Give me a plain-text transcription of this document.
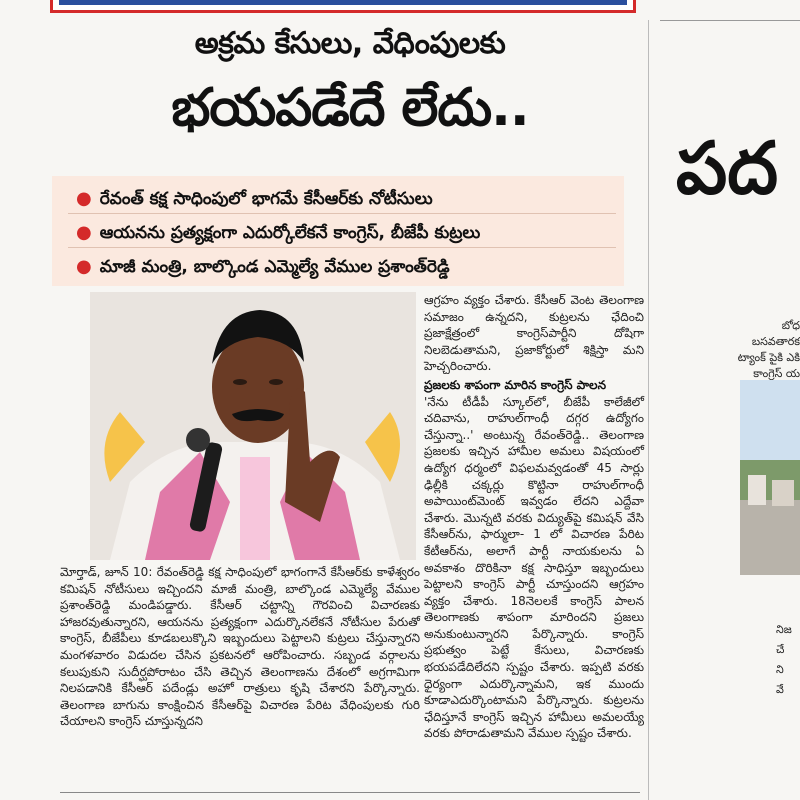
అక్రమ కేసులు, వేధింపులకు
భయపడేదే లేదు..
● రేవంత్ కక్ష సాధింపులో భాగమే కేసీఆర్‌కు నోటీసులు
● ఆయనను ప్రత్యక్షంగా ఎదుర్కోలేకనే కాంగ్రెస్, బీజేపీ కుట్రలు
● మాజీ మంత్రి, బాల్కొండ ఎమ్మెల్యే వేముల ప్రశాంత్‌రెడ్డి

ఆగ్రహం వ్యక్తం చేశారు. కేసీఆర్ వెంట తెలంగాణ సమాజం ఉన్నదని, కుట్రలను ఛేదించి ప్రజాక్షేత్రంలో కాంగ్రెస్‌పార్టీని దోషిగా నిలబెడుతామని, ప్రజాకోర్టులో శిక్షిస్తా మని హెచ్చరించారు.

ప్రజలకు శాపంగా మారిన కాంగ్రెస్ పాలన

'నేను టీడీపీ స్కూల్‌లో, బీజేపీ కాలేజీలో చదివాను, రాహుల్‌గాంధీ దగ్గర ఉద్యోగం చేస్తున్నా..' అంటున్న రేవంత్‌రెడ్డి.. తెలంగాణ ప్రజలకు ఇచ్చిన హామీల అమలు విషయంలో ఉద్యోగ ధర్మంలో విఫలమవ్వడంతో 45 సార్లు ఢిల్లీకి చక్కర్లు కొట్టినా రాహుల్‌గాంధీ అపాయింట్‌మెంట్ ఇవ్వడం లేదని ఎద్దేవా చేశారు. మొన్నటి వరకు విద్యుత్‌పై కమిషన్ వేసి కేసీఆర్‌ను, ఫార్ములా- 1 లో విచారణ పేరిట కేటీఆర్‌ను, అలాగే పార్టీ నాయకులను ఏ అవకాశం దొరికినా కక్ష సాధిస్తూ ఇబ్బందులు పెట్టాలని కాంగ్రెస్ పార్టీ చూస్తుందని ఆగ్రహం వ్యక్తం చేశారు. 18నెలలకే కాంగ్రెస్ పాలన తెలంగాణకు శాపంగా మారిందని ప్రజలు అనుకుంటున్నారని పేర్కొన్నారు. కాంగ్రెస్ ప్రభుత్వం పెట్టే కేసులు, విచారణకు భయపడేదిలేదని స్పష్టం చేశారు. ఇప్పటి వరకు ధైర్యంగా ఎదుర్కొన్నామని, ఇక ముందు కూడాఎదుర్కొంటామని పేర్కొన్నారు. కుట్రలను ఛేదిస్తూనే కాంగ్రెస్ ఇచ్చిన హామీలు అమలయ్యే వరకు పోరాడుతామని వేముల స్పష్టం చేశారు.

మోర్తాడ్, జూన్ 10: రేవంత్‌రెడ్డి కక్ష సాధింపులో భాగంగానే కేసీఆర్‌కు కాళేశ్వరం కమిషన్ నోటీసులు ఇచ్చిందని మాజీ మంత్రి, బాల్కొండ ఎమ్మెల్యే వేముల ప్రశాంత్‌రెడ్డి మండిపడ్డారు. కేసీఆర్ చట్టాన్ని గౌరవించి విచారణకు హాజరవుతున్నారని, ఆయనను ప్రత్యక్షంగా ఎదుర్కొనలేకనే నోటీసుల పేరుతో కాంగ్రెస్, బీజేపీలు కూడబలుక్కొని ఇబ్బందులు పెట్టాలని కుట్రలు చేస్తున్నారని మంగళవారం విడుదల చేసిన ప్రకటనలో ఆరోపించారు. సబ్బండ వర్గాలను కలుపుకుని సుదీర్ఘపోరాటం చేసి తెచ్చిన తెలంగాణను దేశంలో అగ్రగామిగా నిలపడానికి కేసీఆర్ పదేండ్లు అహో రాత్రులు కృషి చేశారని పేర్కొన్నారు. తెలంగాణ బాగును కాంక్షించిన కేసీఆర్‌పై విచారణ పేరిట వేధింపులకు గురి చేయాలని కాంగ్రెస్ చూస్తున్నదని

పద
బోధ
బసవతారక
ట్యాంక్ పైకి ఎకి
కాంగ్రెస్ య
నిజ
చే
ని
వే
